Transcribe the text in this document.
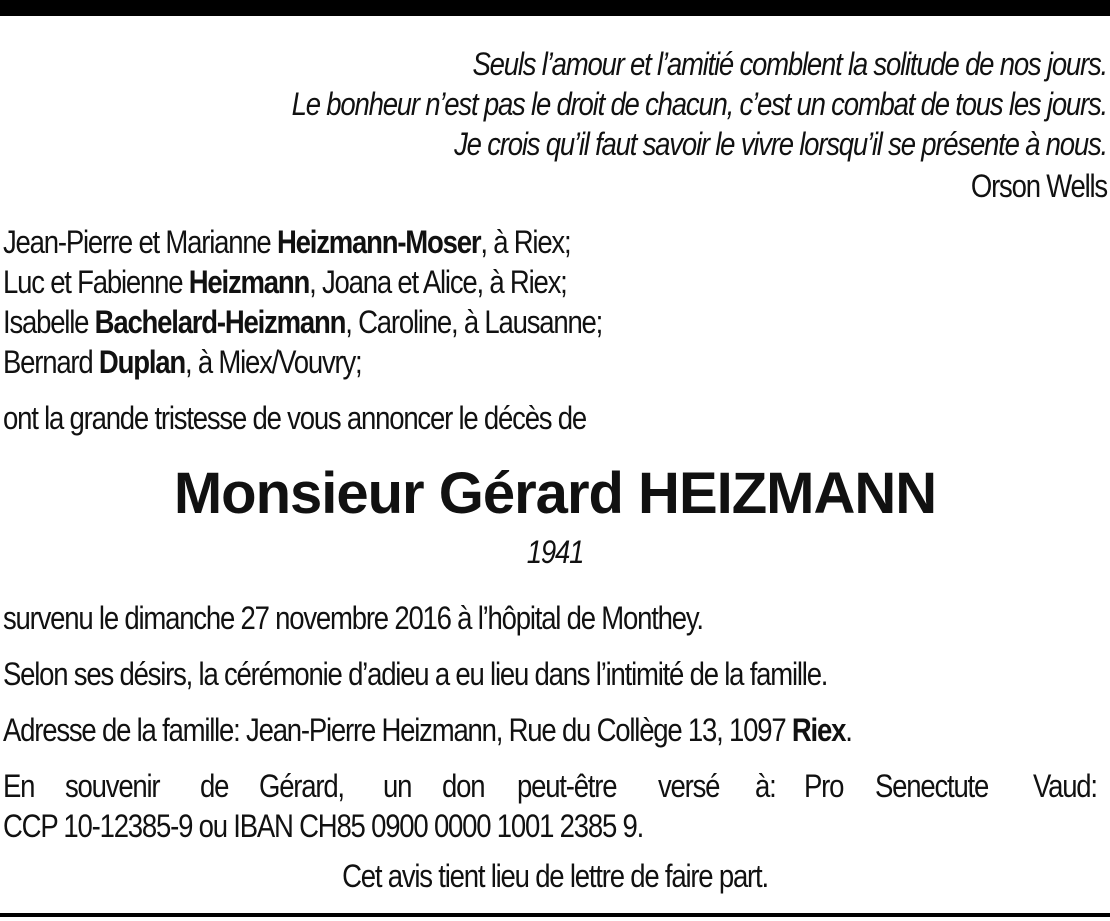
Seuls l’amour et l’amitié comblent la solitude de nos jours.
Le bonheur n’est pas le droit de chacun, c’est un combat de tous les jours.
Je crois qu’il faut savoir le vivre lorsqu’il se présente à nous.
Orson Wells
Jean-Pierre et Marianne Heizmann-Moser, à Riex;
Luc et Fabienne Heizmann, Joana et Alice, à Riex;
Isabelle Bachelard-Heizmann, Caroline, à Lausanne;
Bernard Duplan, à Miex/Vouvry;
ont la grande tristesse de vous annoncer le décès de
Monsieur Gérard HEIZMANN
1941
survenu le dimanche 27 novembre 2016 à l’hôpital de Monthey.
Selon ses désirs, la cérémonie d’adieu a eu lieu dans l’intimité de la famille.
Adresse de la famille: Jean-Pierre Heizmann, Rue du Collège 13, 1097 Riex.
En souvenir de Gérard, un don peut-être versé à: Pro Senectute Vaud:
CCP 10-12385-9 ou IBAN CH85 0900 0000 1001 2385 9.
Cet avis tient lieu de lettre de faire part.
